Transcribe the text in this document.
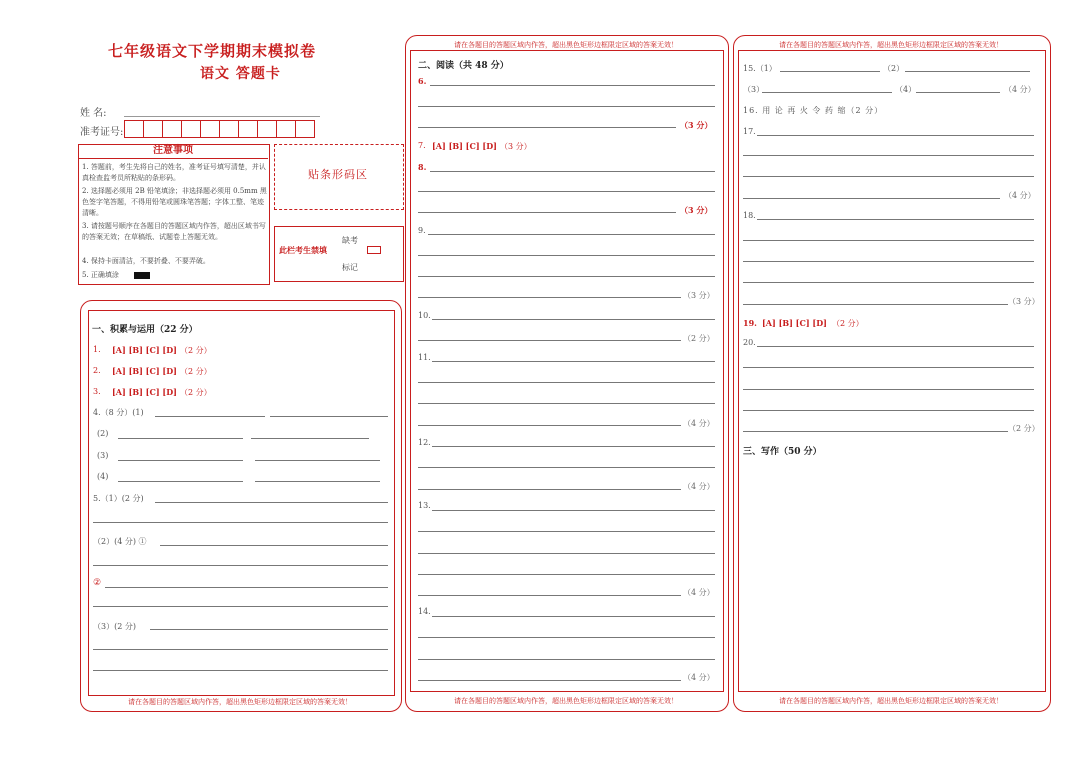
七年级语文下学期期末模拟卷
语文 答题卡
姓 名:
准考证号:
注意事项
1. 答题前，考生先将自己的姓名，准考证号填写清楚，并认真检查监考员所粘贴的条形码。
2. 选择题必须用 2B 铅笔填涂；非选择题必须用 0.5mm 黑色签字笔答题，不得用铅笔或圆珠笔答题；字体工整、笔迹清晰。
3. 请按题号顺序在各题目的答题区域内作答，超出区域书写的答案无效；在草稿纸、试题卷上答题无效。
4. 保持卡面清洁，不要折叠、不要弄破。
5. 正确填涂
贴条形码区
此栏考生禁填
缺考
标记
一、积累与运用（22 分）
1. [A] [B] [C] [D] （2 分）
2. [A] [B] [C] [D] （2 分）
3. [A] [B] [C] [D] （2 分）
4.（8 分）(1)
(2)
(3)
(4)
5.（1）(2 分)
（2）(4 分) ①
②
（3）(2 分)
请在各题目的答题区域内作答，超出黑色矩形边框限定区域的答案无效！
请在各题目的答题区域内作答，超出黑色矩形边框限定区域的答案无效！
二、阅读（共 48 分）
6.
（3 分）
7. [A] [B] [C] [D] （3 分）
8.
（3 分）
9.
（3 分）
10.
（2 分）
11.
（4 分）
12.
（4 分）
13.
（4 分）
14.
（4 分）
请在各题目的答题区域内作答，超出黑色矩形边框限定区域的答案无效！
请在各题目的答题区域内作答，超出黑色矩形边框限定区域的答案无效！
15.（1）	（2）
（3）	（4）	（4 分）
16. 用 论 再 火 令 药 缩（2 分）
17.
（4 分）
18.
（3 分）
19. [A] [B] [C] [D] （2 分）
20.
（2 分）
三、写作（50 分）
请在各题目的答题区域内作答，超出黑色矩形边框限定区域的答案无效！
